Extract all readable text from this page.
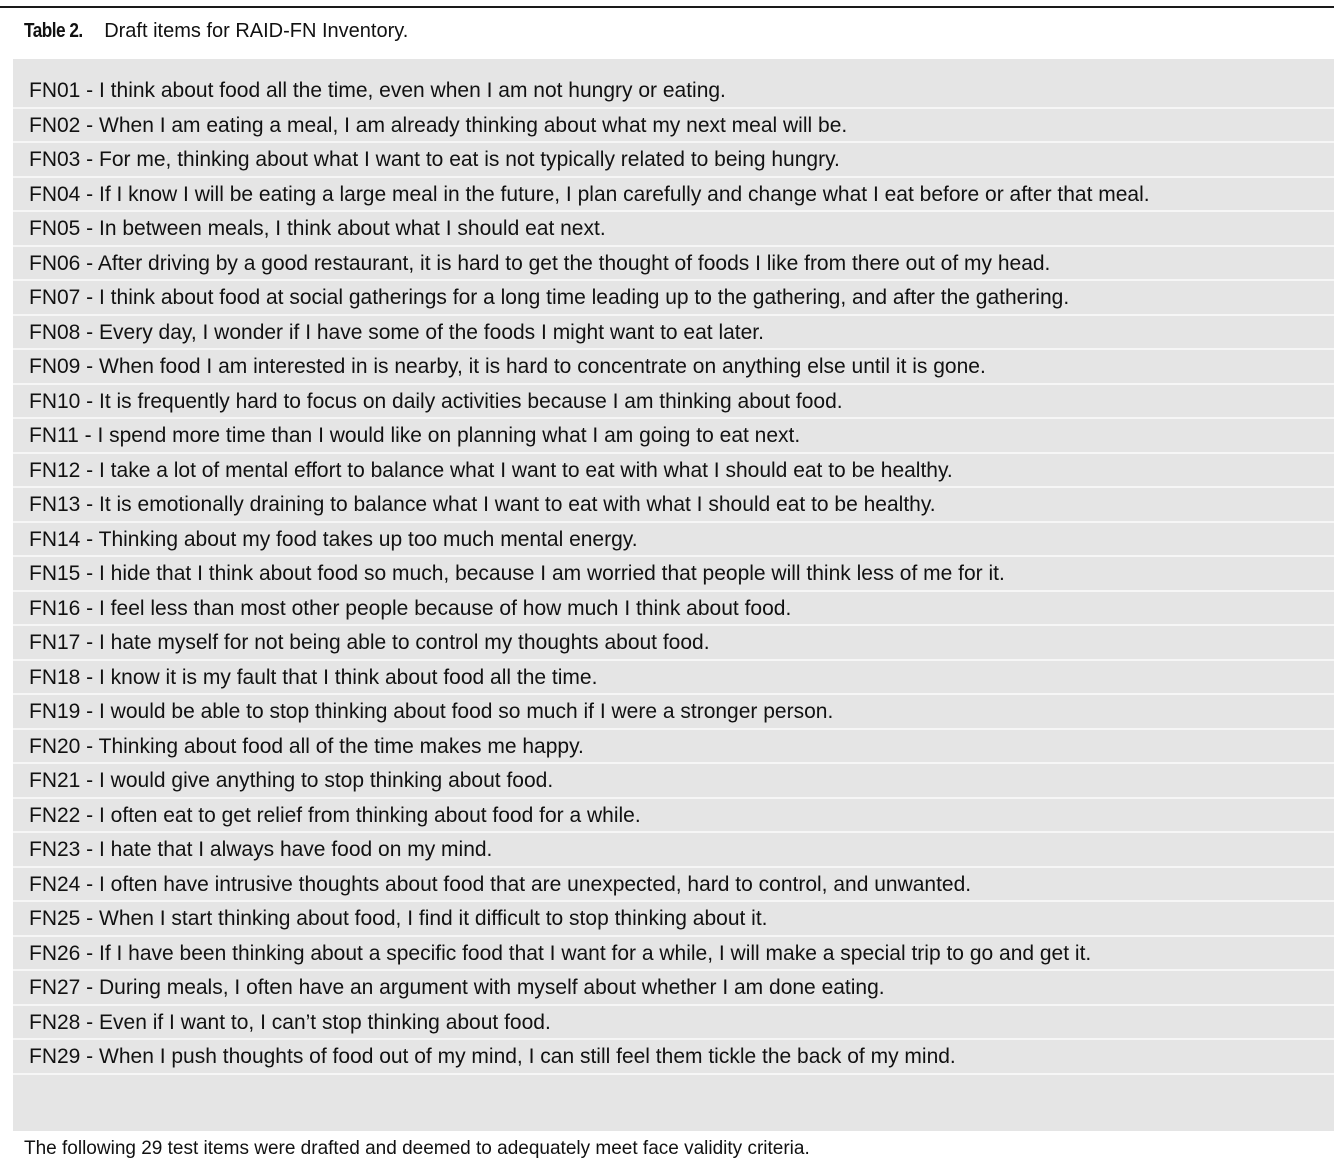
Table 2. Draft items for RAID-FN Inventory.
FN01 - I think about food all the time, even when I am not hungry or eating.
FN02 - When I am eating a meal, I am already thinking about what my next meal will be.
FN03 - For me, thinking about what I want to eat is not typically related to being hungry.
FN04 - If I know I will be eating a large meal in the future, I plan carefully and change what I eat before or after that meal.
FN05 - In between meals, I think about what I should eat next.
FN06 - After driving by a good restaurant, it is hard to get the thought of foods I like from there out of my head.
FN07 - I think about food at social gatherings for a long time leading up to the gathering, and after the gathering.
FN08 - Every day, I wonder if I have some of the foods I might want to eat later.
FN09 - When food I am interested in is nearby, it is hard to concentrate on anything else until it is gone.
FN10 - It is frequently hard to focus on daily activities because I am thinking about food.
FN11 - I spend more time than I would like on planning what I am going to eat next.
FN12 - I take a lot of mental effort to balance what I want to eat with what I should eat to be healthy.
FN13 - It is emotionally draining to balance what I want to eat with what I should eat to be healthy.
FN14 - Thinking about my food takes up too much mental energy.
FN15 - I hide that I think about food so much, because I am worried that people will think less of me for it.
FN16 - I feel less than most other people because of how much I think about food.
FN17 - I hate myself for not being able to control my thoughts about food.
FN18 - I know it is my fault that I think about food all the time.
FN19 - I would be able to stop thinking about food so much if I were a stronger person.
FN20 - Thinking about food all of the time makes me happy.
FN21 - I would give anything to stop thinking about food.
FN22 - I often eat to get relief from thinking about food for a while.
FN23 - I hate that I always have food on my mind.
FN24 - I often have intrusive thoughts about food that are unexpected, hard to control, and unwanted.
FN25 - When I start thinking about food, I find it difficult to stop thinking about it.
FN26 - If I have been thinking about a specific food that I want for a while, I will make a special trip to go and get it.
FN27 - During meals, I often have an argument with myself about whether I am done eating.
FN28 - Even if I want to, I can’t stop thinking about food.
FN29 - When I push thoughts of food out of my mind, I can still feel them tickle the back of my mind.
The following 29 test items were drafted and deemed to adequately meet face validity criteria.
